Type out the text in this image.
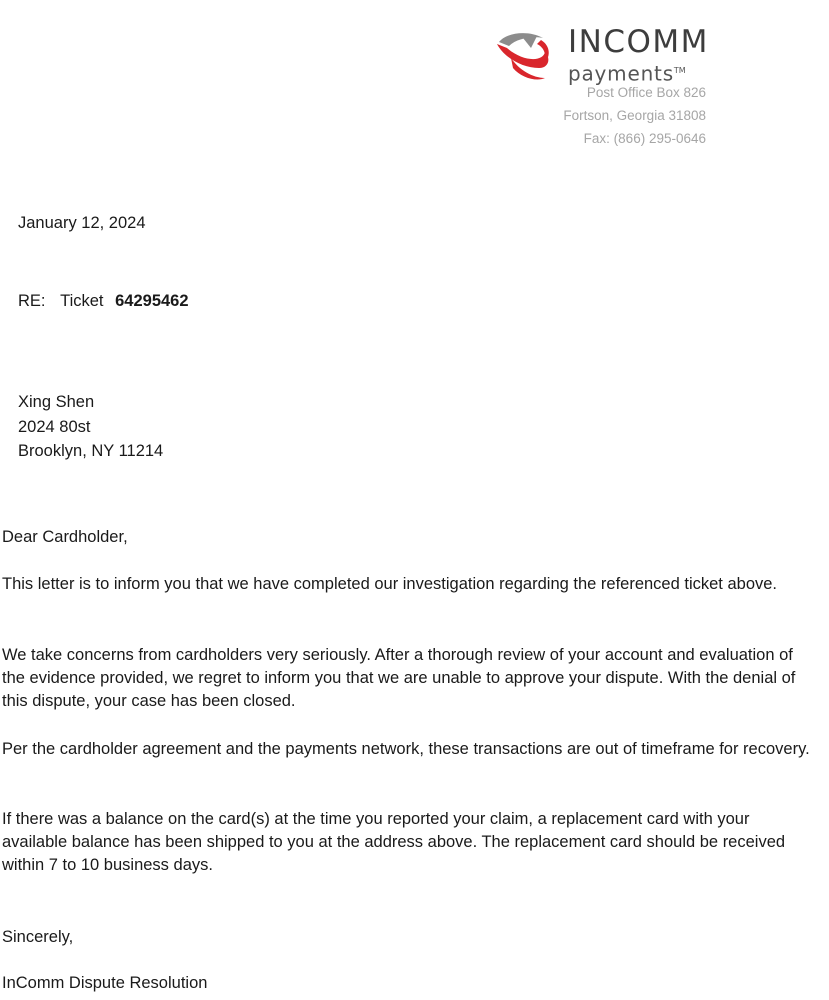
INCOMM
payments™
Post Office Box 826
Fortson, Georgia 31808
Fax: (866) 295-0646
January 12, 2024
RE: Ticket 64295462
Xing Shen
2024 80st
Brooklyn, NY 11214
Dear Cardholder,
This letter is to inform you that we have completed our investigation regarding the referenced ticket above.
We take concerns from cardholders very seriously. After a thorough review of your account and evaluation of the evidence provided, we regret to inform you that we are unable to approve your dispute. With the denial of this dispute, your case has been closed.
Per the cardholder agreement and the payments network, these transactions are out of timeframe for recovery.
If there was a balance on the card(s) at the time you reported your claim, a replacement card with your available balance has been shipped to you at the address above. The replacement card should be received within 7 to 10 business days.
Sincerely,
InComm Dispute Resolution
